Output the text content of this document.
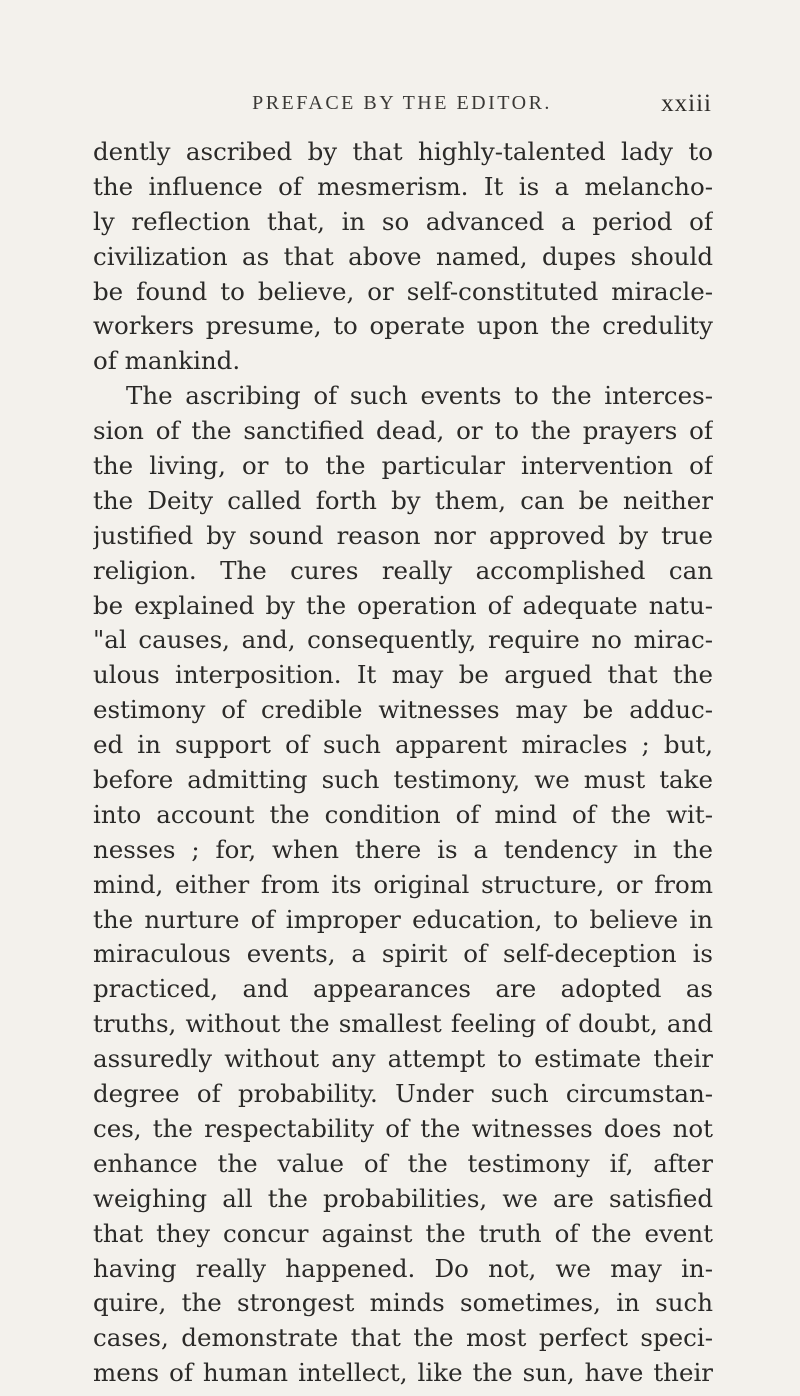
PREFACE BY THE EDITOR.	xxiii
dently ascribed by that highly-talented lady to
the influence of mesmerism. It is a melancho-
ly reflection that, in so advanced a period of
civilization as that above named, dupes should
be found to believe, or self-constituted miracle-
workers presume, to operate upon the credulity
of mankind.
The ascribing of such events to the interces-
sion of the sanctified dead, or to the prayers of
the living, or to the particular intervention of
the Deity called forth by them, can be neither
justified by sound reason nor approved by true
religion. The cures really accomplished can
be explained by the operation of adequate natu-
"al causes, and, consequently, require no mirac-
ulous interposition. It may be argued that the
estimony of credible witnesses may be adduc-
ed in support of such apparent miracles ; but,
before admitting such testimony, we must take
into account the condition of mind of the wit-
nesses ; for, when there is a tendency in the
mind, either from its original structure, or from
the nurture of improper education, to believe in
miraculous events, a spirit of self-deception is
practiced, and appearances are adopted as
truths, without the smallest feeling of doubt, and
assuredly without any attempt to estimate their
degree of probability. Under such circumstan-
ces, the respectability of the witnesses does not
enhance the value of the testimony if, after
weighing all the probabilities, we are satisfied
that they concur against the truth of the event
having really happened. Do not, we may in-
quire, the strongest minds sometimes, in such
cases, demonstrate that the most perfect speci-
mens of human intellect, like the sun, have their
